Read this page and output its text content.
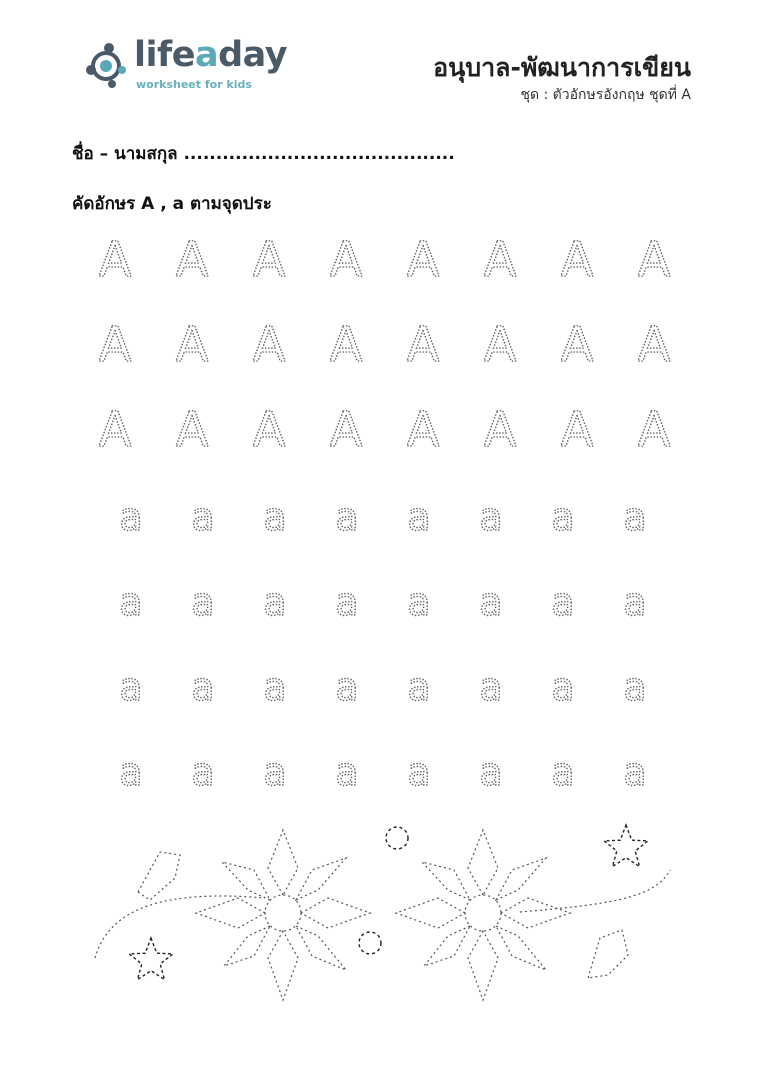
lifeaday
worksheet for kids
อนุบาล-พัฒนาการเขียน
ชุด : ตัวอักษรอังกฤษ ชุดที่ A
ชื่อ – นามสกุล ..........................................
คัดอักษร A , a ตามจุดประ
A A A A A A A A
A A A A A A A A
A A A A A A A A
a a a a a a a a
a a a a a a a a
a a a a a a a a
a a a a a a a a
